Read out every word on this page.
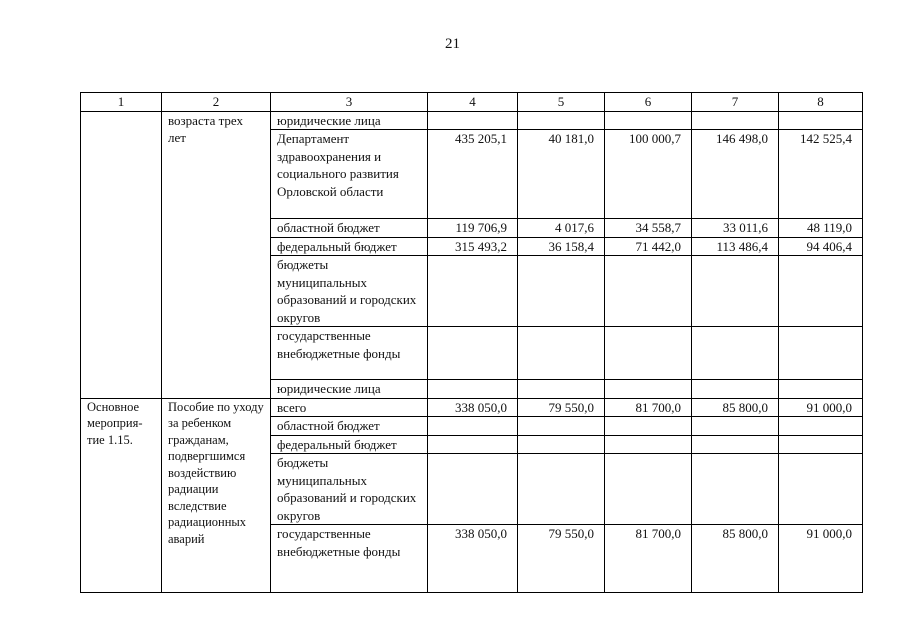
21
1	2	3	4	5	6	7	8
	возраста трех лет	юридические лица					
		Департамент здравоохранения и социального развития Орловской области	435 205,1	40 181,0	100 000,7	146 498,0	142 525,4
		областной бюджет	119 706,9	4 017,6	34 558,7	33 011,6	48 119,0
		федеральный бюджет	315 493,2	36 158,4	71 442,0	113 486,4	94 406,4
		бюджеты муниципальных образований и городских округов					
		государственные внебюджетные фонды					
		юридические лица					
Основное мероприя-тие 1.15.	Пособие по уходу за ребенком гражданам, подвергшимся воздействию радиации вследствие радиационных аварий	всего	338 050,0	79 550,0	81 700,0	85 800,0	91 000,0
		областной бюджет					
		федеральный бюджет					
		бюджеты муниципальных образований и городских округов					
		государственные внебюджетные фонды	338 050,0	79 550,0	81 700,0	85 800,0	91 000,0
